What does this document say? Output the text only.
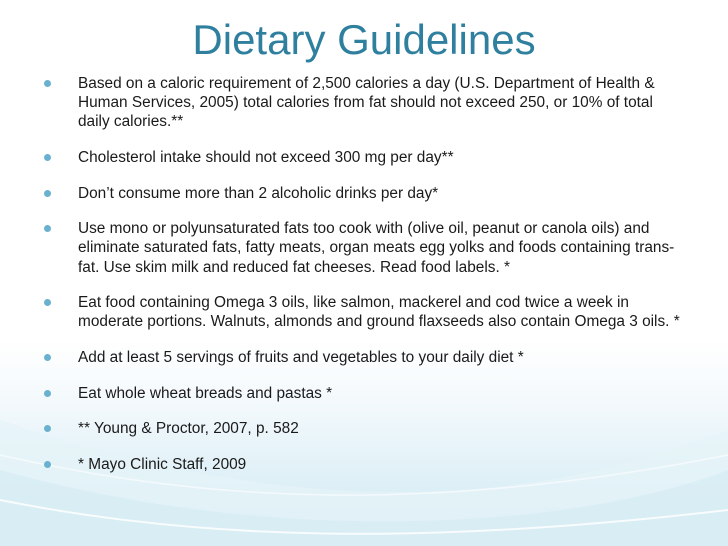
Dietary Guidelines
Based on a caloric requirement of 2,500 calories a day (U.S. Department of Health & Human Services, 2005) total calories from fat should not exceed 250, or 10% of total daily calories.**
Cholesterol intake should not exceed 300 mg per day**
Don’t consume more than 2 alcoholic drinks per day*
Use mono or polyunsaturated fats too cook with (olive oil, peanut or canola oils) and eliminate saturated fats, fatty meats, organ meats egg yolks and foods containing trans-fat. Use skim milk and reduced fat cheeses. Read food labels. *
Eat food containing Omega 3 oils, like salmon, mackerel and cod twice a week in moderate portions. Walnuts, almonds and ground flaxseeds also contain Omega 3 oils. *
Add at least 5 servings of fruits and vegetables to your daily diet *
Eat whole wheat breads and pastas *
** Young & Proctor, 2007, p. 582
* Mayo Clinic Staff, 2009
